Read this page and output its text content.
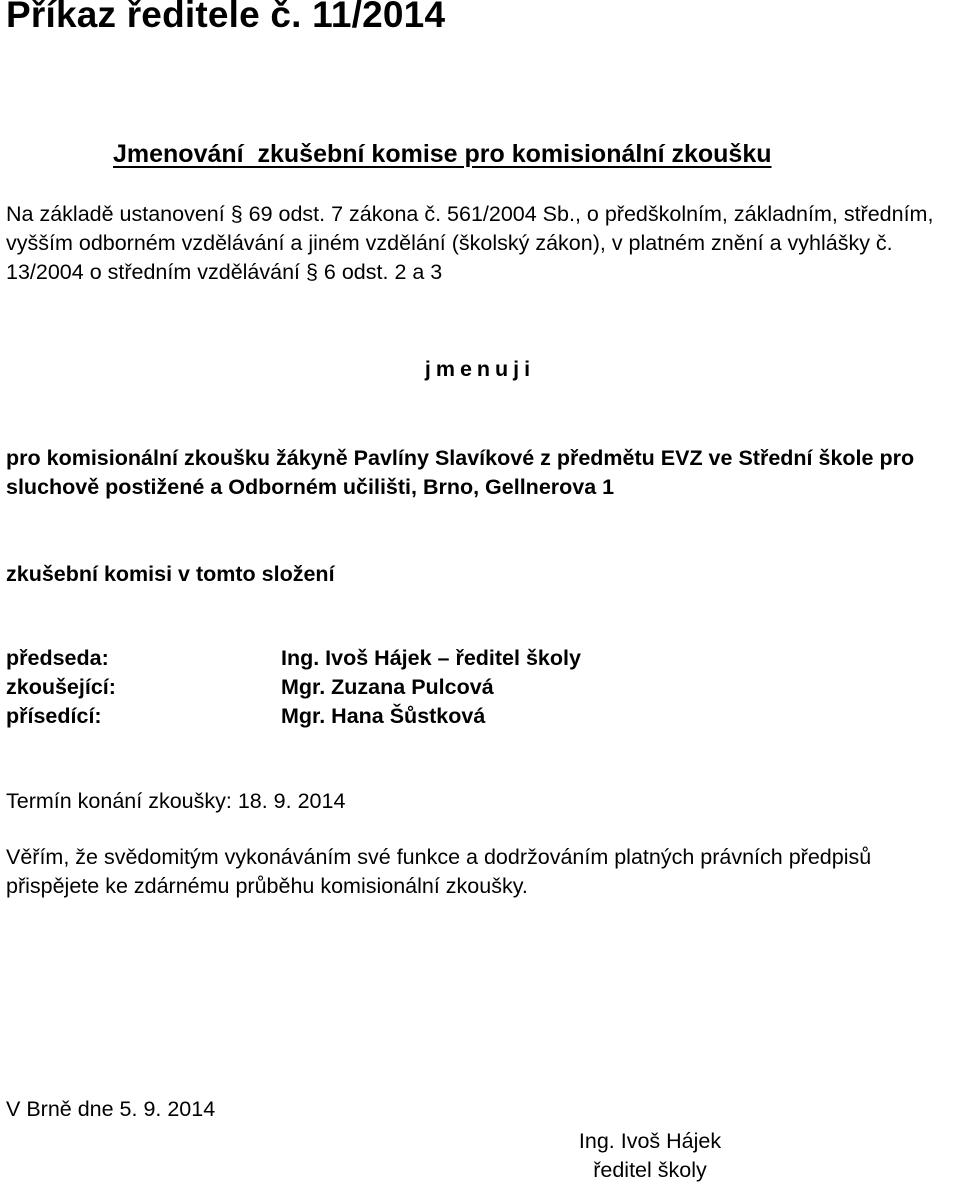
Příkaz ředitele č. 11/2014
Jmenování  zkušební komise pro komisionální zkoušku

Na základě ustanovení § 69 odst. 7 zákona č. 561/2004 Sb., o předškolním, základním, středním, vyšším odborném vzdělávání a jiném vzdělání (školský zákon), v platném znění a vyhlášky č. 13/2004 o středním vzdělávání § 6 odst. 2 a 3

jmenuji

pro komisionální zkoušku žákyně Pavlíny Slavíkové z předmětu EVZ ve Střední škole pro sluchově postižené a Odborném učilišti, Brno, Gellnerova 1

zkušební komisi v tomto složení

předseda:	Ing. Ivoš Hájek – ředitel školy
zkoušející:	Mgr. Zuzana Pulcová
přísedící:	Mgr. Hana Šůstková

Termín konání zkoušky: 18. 9. 2014

Věřím, že svědomitým vykonáváním své funkce a dodržováním platných právních předpisů přispějete ke zdárnému průběhu komisionální zkoušky.

V Brně dne 5. 9. 2014

Ing. Ivoš Hájek
ředitel školy
